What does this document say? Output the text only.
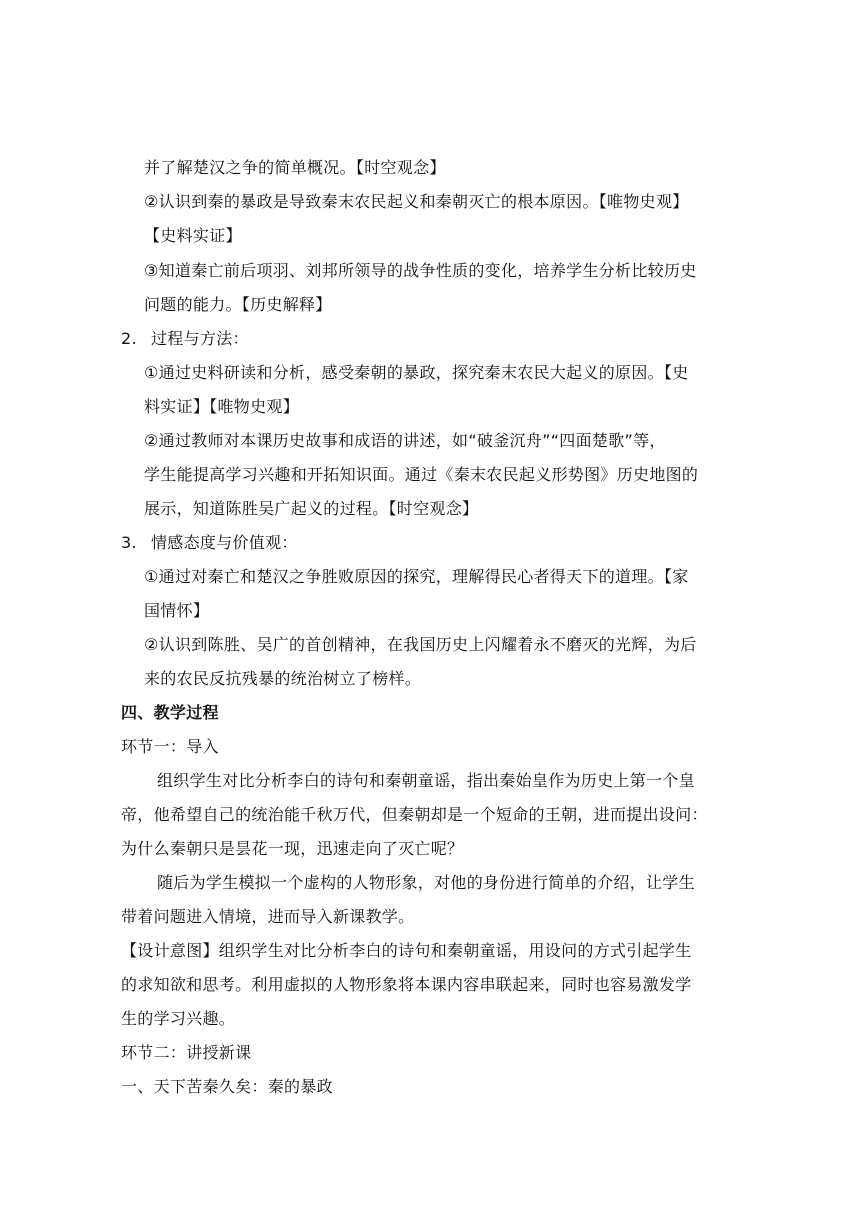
并了解楚汉之争的简单概况。【时空观念】
②认识到秦的暴政是导致秦末农民起义和秦朝灭亡的根本原因。【唯物史观】
【史料实证】
③知道秦亡前后项羽、刘邦所领导的战争性质的变化，培养学生分析比较历史
问题的能力。【历史解释】
2. 过程与方法：
①通过史料研读和分析，感受秦朝的暴政，探究秦末农民大起义的原因。【史
料实证】【唯物史观】
②通过教师对本课历史故事和成语的讲述，如“破釜沉舟”“四面楚歌”等，
学生能提高学习兴趣和开拓知识面。通过《秦末农民起义形势图》历史地图的
展示，知道陈胜吴广起义的过程。【时空观念】
3. 情感态度与价值观：
①通过对秦亡和楚汉之争胜败原因的探究，理解得民心者得天下的道理。【家
国情怀】
②认识到陈胜、吴广的首创精神，在我国历史上闪耀着永不磨灭的光辉，为后
来的农民反抗残暴的统治树立了榜样。
四、教学过程
环节一：导入
组织学生对比分析李白的诗句和秦朝童谣，指出秦始皇作为历史上第一个皇
帝，他希望自己的统治能千秋万代，但秦朝却是一个短命的王朝，进而提出设问：
为什么秦朝只是昙花一现，迅速走向了灭亡呢？
随后为学生模拟一个虚构的人物形象，对他的身份进行简单的介绍，让学生
带着问题进入情境，进而导入新课教学。
【设计意图】组织学生对比分析李白的诗句和秦朝童谣，用设问的方式引起学生
的求知欲和思考。利用虚拟的人物形象将本课内容串联起来，同时也容易激发学
生的学习兴趣。
环节二：讲授新课
一、天下苦秦久矣：秦的暴政
